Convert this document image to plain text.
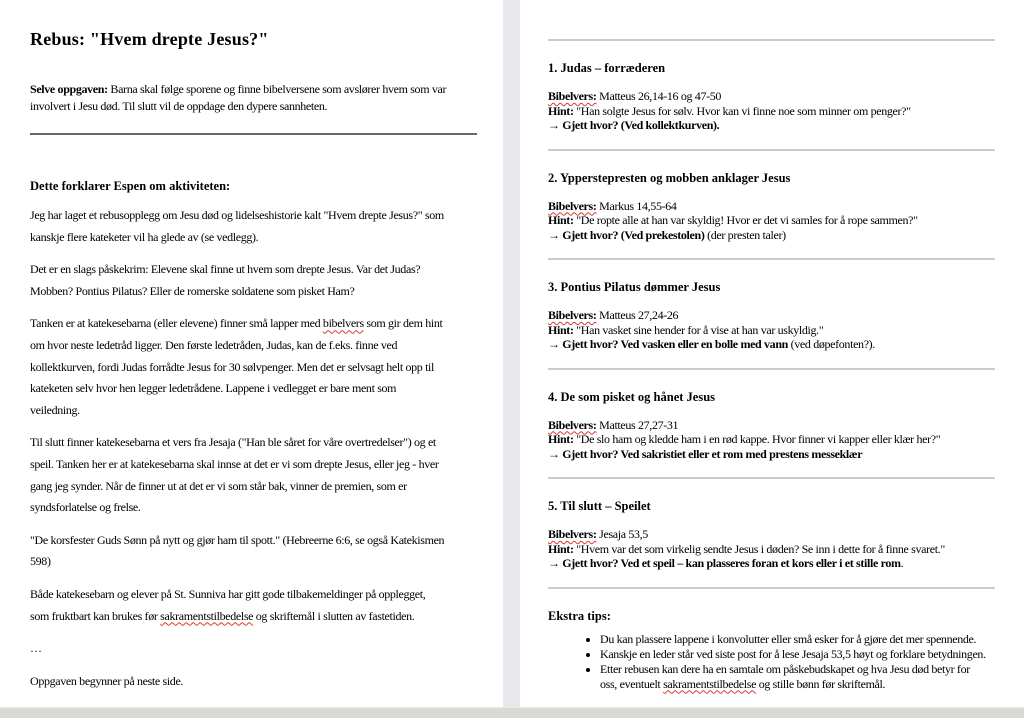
Rebus: "Hvem drepte Jesus?"
Selve oppgaven: Barna skal følge sporene og finne bibelversene som avslører hvem som var
involvert i Jesu død. Til slutt vil de oppdage den dypere sannheten.
Dette forklarer Espen om aktiviteten:
Jeg har laget et rebusopplegg om Jesu død og lidelseshistorie kalt "Hvem drepte Jesus?" som
kanskje flere kateketer vil ha glede av (se vedlegg).
Det er en slags påskekrim: Elevene skal finne ut hvem som drepte Jesus. Var det Judas?
Mobben? Pontius Pilatus? Eller de romerske soldatene som pisket Ham?
Tanken er at katekesebarna (eller elevene) finner små lapper med bibelvers som gir dem hint
om hvor neste ledetråd ligger. Den første ledetråden, Judas, kan de f.eks. finne ved
kollektkurven, fordi Judas forrådte Jesus for 30 sølvpenger. Men det er selvsagt helt opp til
kateketen selv hvor hen legger ledetrådene. Lappene i vedlegget er bare ment som
veiledning.
Til slutt finner katekesebarna et vers fra Jesaja ("Han ble såret for våre overtredelser") og et
speil. Tanken her er at katekesebarna skal innse at det er vi som drepte Jesus, eller jeg - hver
gang jeg synder. Når de finner ut at det er vi som står bak, vinner de premien, som er
syndsforlatelse og frelse.
"De korsfester Guds Sønn på nytt og gjør ham til spott." (Hebreerne 6:6, se også Katekismen
598)
Både katekesebarn og elever på St. Sunniva har gitt gode tilbakemeldinger på opplegget,
som fruktbart kan brukes før sakramentstilbedelse og skriftemål i slutten av fastetiden.
…
Oppgaven begynner på neste side.
1. Judas – forræderen
Bibelvers: Matteus 26,14-16 og 47-50
Hint: "Han solgte Jesus for sølv. Hvor kan vi finne noe som minner om penger?"
→ Gjett hvor? (Ved kollektkurven).
2. Ypperstepresten og mobben anklager Jesus
Bibelvers: Markus 14,55-64
Hint: "De ropte alle at han var skyldig! Hvor er det vi samles for å rope sammen?"
→ Gjett hvor? (Ved prekestolen) (der presten taler)
3. Pontius Pilatus dømmer Jesus
Bibelvers: Matteus 27,24-26
Hint: "Han vasket sine hender for å vise at han var uskyldig."
→ Gjett hvor? Ved vasken eller en bolle med vann (ved døpefonten?).
4. De som pisket og hånet Jesus
Bibelvers: Matteus 27,27-31
Hint: "De slo ham og kledde ham i en rød kappe. Hvor finner vi kapper eller klær her?"
→ Gjett hvor? Ved sakristiet eller et rom med prestens messeklær
5. Til slutt – Speilet
Bibelvers: Jesaja 53,5
Hint: "Hvem var det som virkelig sendte Jesus i døden? Se inn i dette for å finne svaret."
→ Gjett hvor? Ved et speil – kan plasseres foran et kors eller i et stille rom.
Ekstra tips:
• Du kan plassere lappene i konvolutter eller små esker for å gjøre det mer spennende.
• Kanskje en leder står ved siste post for å lese Jesaja 53,5 høyt og forklare betydningen.
• Etter rebusen kan dere ha en samtale om påskebudskapet og hva Jesu død betyr for
oss, eventuelt sakramentstilbedelse og stille bønn før skriftemål.
